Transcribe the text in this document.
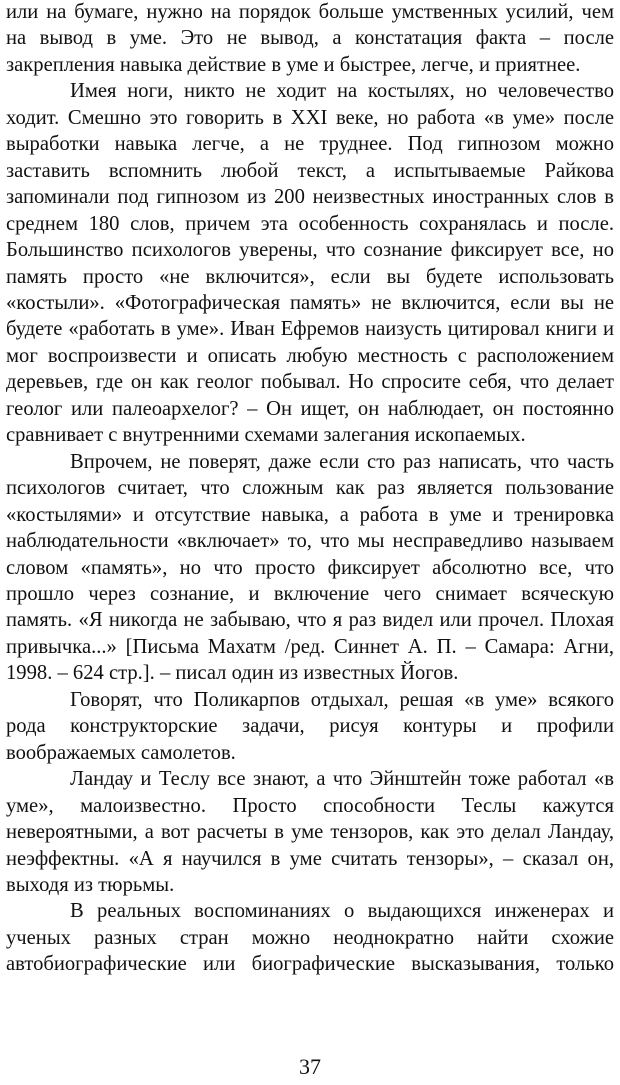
или на бумаге, нужно на порядок больше умственных усилий, чем на вывод в уме. Это не вывод, а констатация факта – после закрепления навыка действие в уме и быстрее, легче, и приятнее.

Имея ноги, никто не ходит на костылях, но человечество ходит. Смешно это говорить в XXI веке, но работа «в уме» после выработки навыка легче, а не труднее. Под гипнозом можно заставить вспомнить любой текст, а испытываемые Райкова запоминали под гипнозом из 200 неизвестных иностранных слов в среднем 180 слов, причем эта особенность сохранялась и после. Большинство психологов уверены, что сознание фиксирует все, но память просто «не включится», если вы будете использовать «костыли». «Фотографическая память» не включится, если вы не будете «работать в уме». Иван Ефремов наизусть цитировал книги и мог воспроизвести и описать любую местность с расположением деревьев, где он как геолог побывал. Но спросите себя, что делает геолог или палеоархелог? – Он ищет, он наблюдает, он постоянно сравнивает с внутренними схемами залегания ископаемых.

Впрочем, не поверят, даже если сто раз написать, что часть психологов считает, что сложным как раз является пользование «костылями» и отсутствие навыка, а работа в уме и тренировка наблюдательности «включает» то, что мы несправедливо называем словом «память», но что просто фиксирует абсолютно все, что прошло через сознание, и включение чего снимает всяческую память. «Я никогда не забываю, что я раз видел или прочел. Плохая привычка...» [Письма Махатм /ред. Синнет А. П. – Самара: Агни, 1998. – 624 стр.]. – писал один из известных Йогов.

Говорят, что Поликарпов отдыхал, решая «в уме» всякого рода конструкторские задачи, рисуя контуры и профили воображаемых самолетов.

Ландау и Теслу все знают, а что Эйнштейн тоже работал «в уме», малоизвестно. Просто способности Теслы кажутся невероятными, а вот расчеты в уме тензоров, как это делал Ландау, неэффектны. «А я научился в уме считать тензоры», – сказал он, выходя из тюрьмы.

В реальных воспоминаниях о выдающихся инженерах и ученых разных стран можно неоднократно найти схожие автобиографические или биографические высказывания, только

37
